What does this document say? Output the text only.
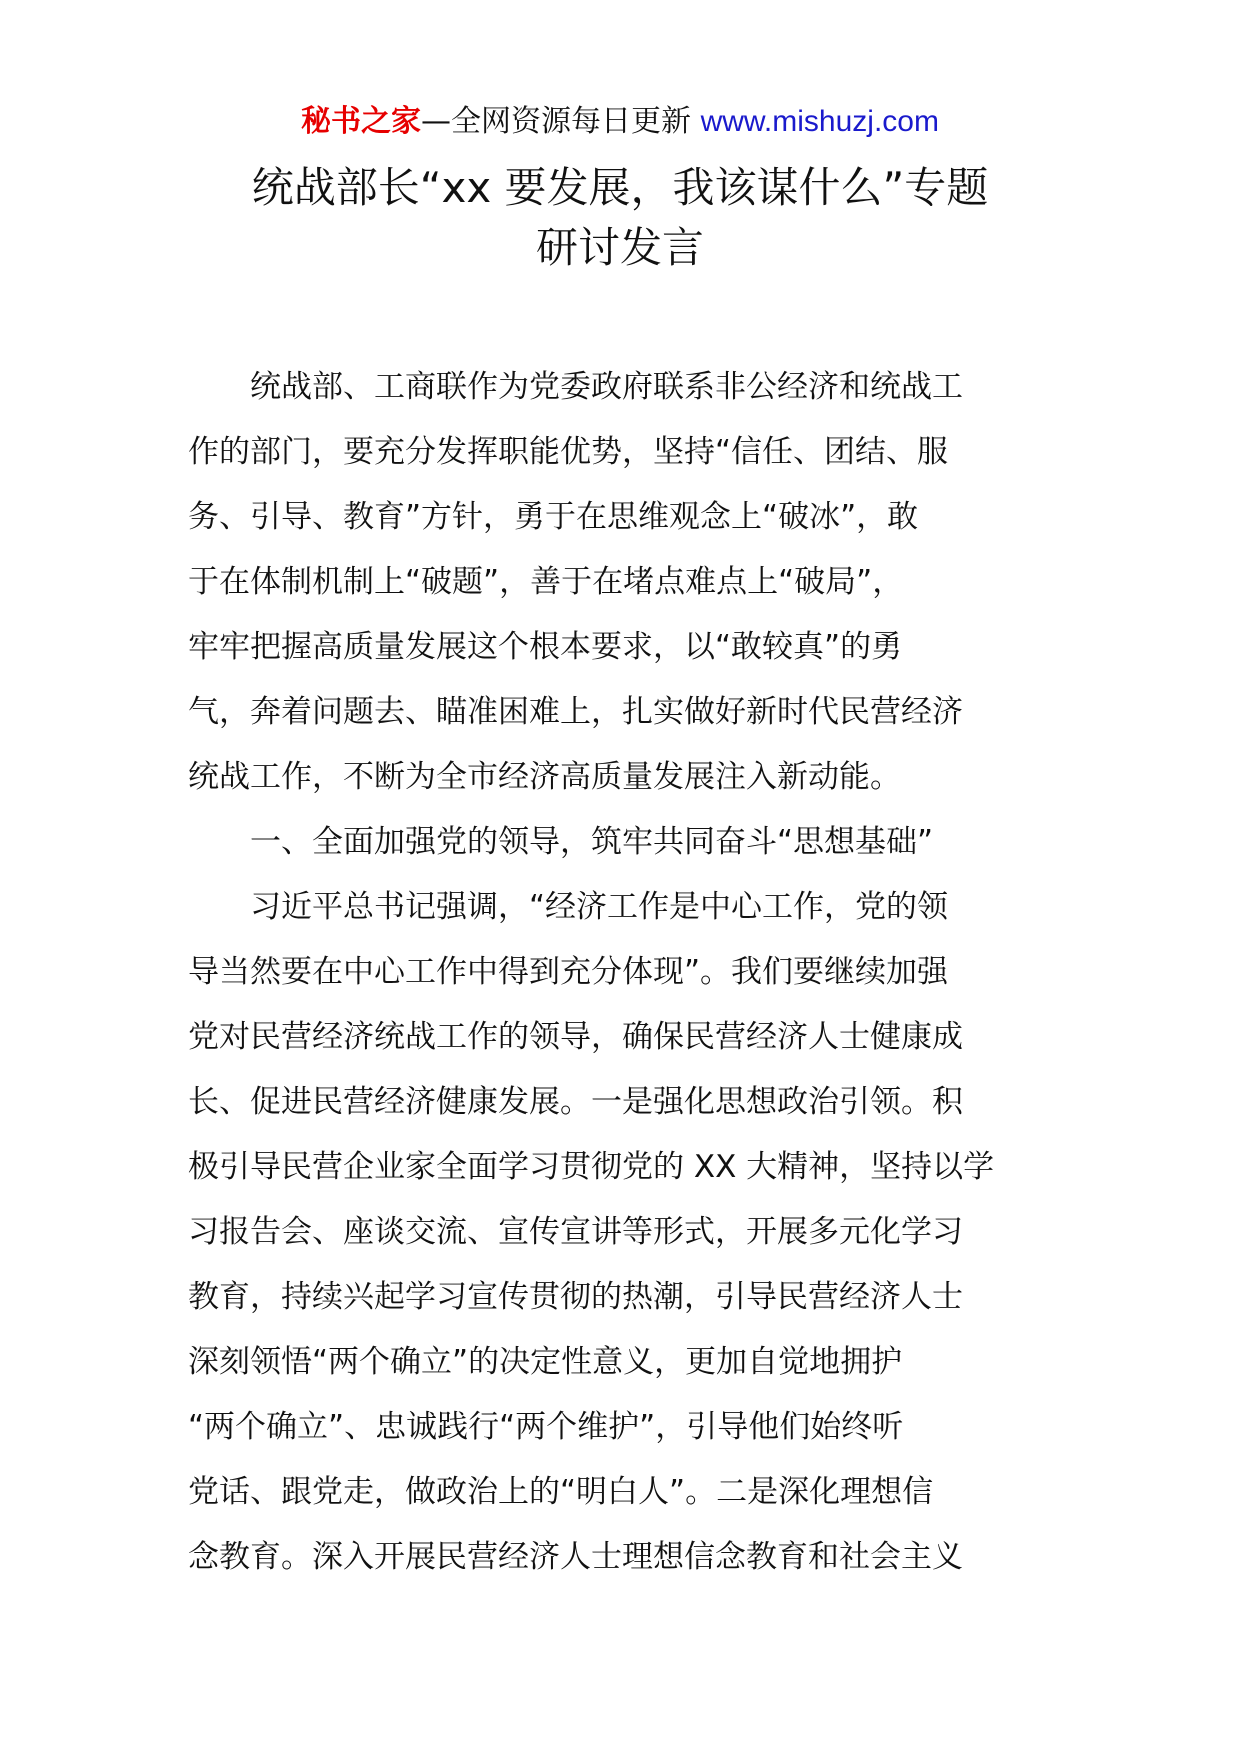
秘书之家—全网资源每日更新 www.mishuzj.com
统战部长“xx 要发展，我该谋什么”专题
研讨发言
　　统战部、工商联作为党委政府联系非公经济和统战工
作的部门，要充分发挥职能优势，坚持“信任、团结、服
务、引导、教育”方针，勇于在思维观念上“破冰”，敢
于在体制机制上“破题”，善于在堵点难点上“破局”，
牢牢把握高质量发展这个根本要求，以“敢较真”的勇
气，奔着问题去、瞄准困难上，扎实做好新时代民营经济
统战工作，不断为全市经济高质量发展注入新动能。
　　一、全面加强党的领导，筑牢共同奋斗“思想基础”
　　习近平总书记强调，“经济工作是中心工作，党的领
导当然要在中心工作中得到充分体现”。我们要继续加强
党对民营经济统战工作的领导，确保民营经济人士健康成
长、促进民营经济健康发展。一是强化思想政治引领。积
极引导民营企业家全面学习贯彻党的 XX 大精神，坚持以学
习报告会、座谈交流、宣传宣讲等形式，开展多元化学习
教育，持续兴起学习宣传贯彻的热潮，引导民营经济人士
深刻领悟“两个确立”的决定性意义，更加自觉地拥护
“两个确立”、忠诚践行“两个维护”，引导他们始终听
党话、跟党走，做政治上的“明白人”。二是深化理想信
念教育。深入开展民营经济人士理想信念教育和社会主义
